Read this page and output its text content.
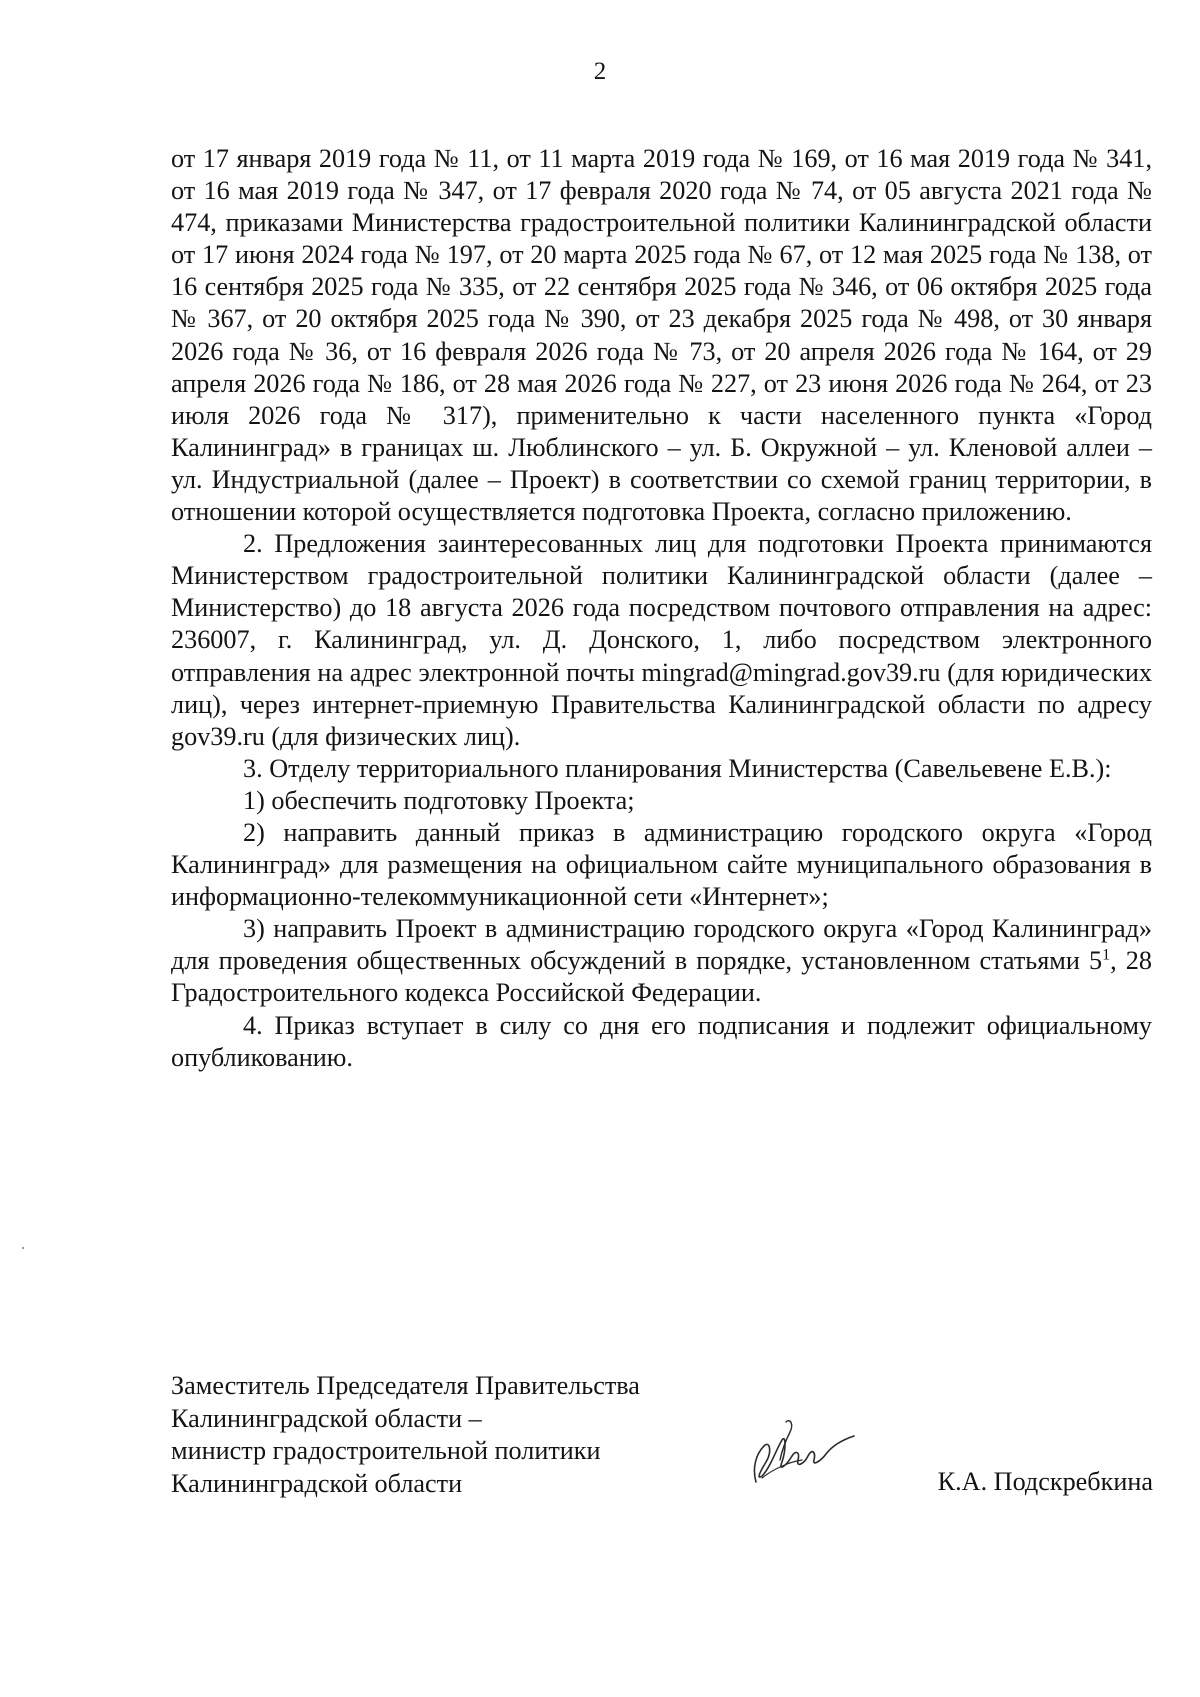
2

от 17 января 2019 года № 11, от 11 марта 2019 года № 169, от 16 мая 2019 года № 341, от 16 мая 2019 года № 347, от 17 февраля 2020 года № 74, от 05 августа 2021 года № 474, приказами Министерства градостроительной политики Калининградской области от 17 июня 2024 года № 197, от 20 марта 2025 года № 67, от 12 мая 2025 года № 138, от 16 сентября 2025 года № 335, от 22 сентября 2025 года № 346, от 06 октября 2025 года № 367, от 20 октября 2025 года № 390, от 23 декабря 2025 года № 498, от 30 января 2026 года № 36, от 16 февраля 2026 года № 73, от 20 апреля 2026 года № 164, от 29 апреля 2026 года № 186, от 28 мая 2026 года № 227, от 23 июня 2026 года № 264, от 23 июля 2026 года № 317), применительно к части населенного пункта «Город Калининград» в границах ш. Люблинского – ул. Б. Окружной – ул. Кленовой аллеи – ул. Индустриальной (далее – Проект) в соответствии со схемой границ территории, в отношении которой осуществляется подготовка Проекта, согласно приложению.

2. Предложения заинтересованных лиц для подготовки Проекта принимаются Министерством градостроительной политики Калининградской области (далее – Министерство) до 18 августа 2026 года посредством почтового отправления на адрес: 236007, г. Калининград, ул. Д. Донского, 1, либо посредством электронного отправления на адрес электронной почты mingrad@mingrad.gov39.ru (для юридических лиц), через интернет-приемную Правительства Калининградской области по адресу gov39.ru (для физических лиц).

3. Отделу территориального планирования Министерства (Савельевене Е.В.):

1) обеспечить подготовку Проекта;

2) направить данный приказ в администрацию городского округа «Город Калининград» для размещения на официальном сайте муниципального образования в информационно-телекоммуникационной сети «Интернет»;

3) направить Проект в администрацию городского округа «Город Калининград» для проведения общественных обсуждений в порядке, установленном статьями $5^1$, 28 Градостроительного кодекса Российской Федерации.

4. Приказ вступает в силу со дня его подписания и подлежит официальному опубликованию.

Заместитель Председателя Правительства
Калининградской области –
министр градостроительной политики
Калининградской области	К.А. Подскребкина
